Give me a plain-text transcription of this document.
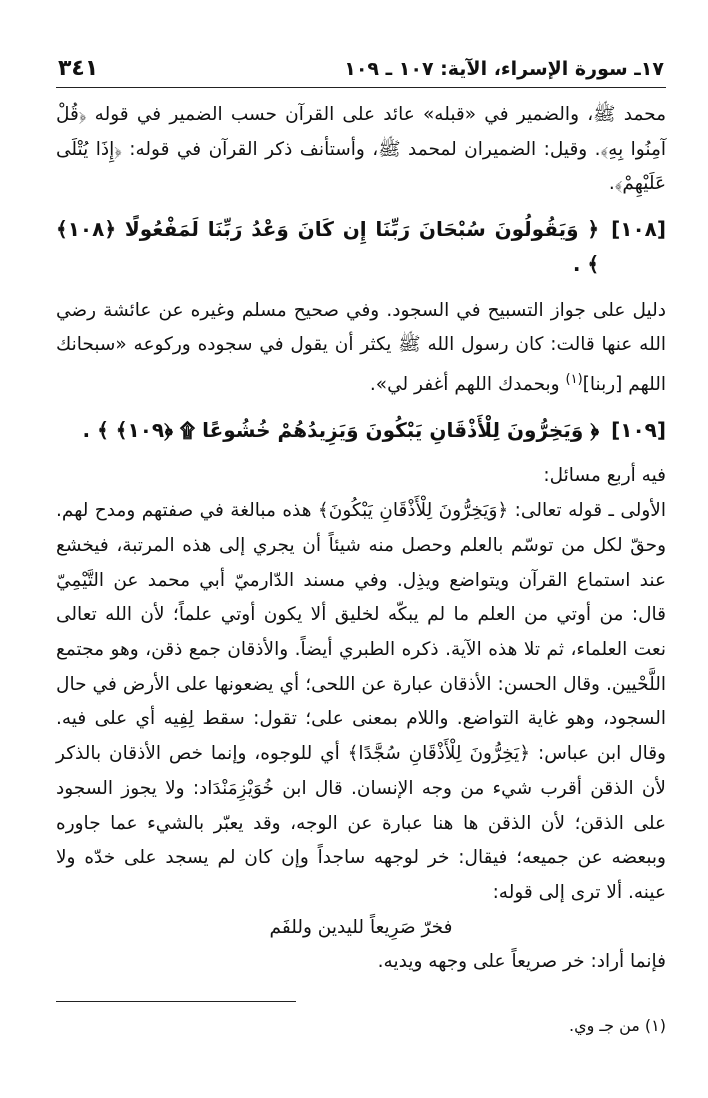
١٧ـ سورة الإسراء، الآية: ١٠٧ ـ ١٠٩
٣٤١

محمد ﷺ، والضمير في «قبله» عائد على القرآن حسب الضمير في قوله ﴿قُلْ آمِنُوا بِهِ﴾. وقيل: الضميران لمحمد ﷺ، وأستأنف ذكر القرآن في قوله: ﴿إِذَا يُتْلَى عَلَيْهِمْ﴾.

[١٠٨]
﴿ وَيَقُولُونَ سُبْحَانَ رَبِّنَا إِن كَانَ وَعْدُ رَبِّنَا لَمَفْعُولًا ﴿١٠٨﴾ ﴾ .

دليل على جواز التسبيح في السجود. وفي صحيح مسلم وغيره عن عائشة رضي الله عنها قالت: كان رسول الله ﷺ يكثر أن يقول في سجوده وركوعه «سبحانك اللهم [ربنا]$^{(١)}$ وبحمدك اللهم أغفر لي».

[١٠٩]
﴿ وَيَخِرُّونَ لِلْأَذْقَانِ يَبْكُونَ وَيَزِيدُهُمْ خُشُوعًا ۩ ﴿١٠٩﴾ ﴾ .

فيه أربع مسائل:

الأولى ـ قوله تعالى: ﴿وَيَخِرُّونَ لِلْأَذْقَانِ يَبْكُونَ﴾ هذه مبالغة في صفتهم ومدح لهم. وحقّ لكل من توسّم بالعلم وحصل منه شيئاً أن يجري إلى هذه المرتبة، فيخشع عند استماع القرآن ويتواضع ويذِل. وفي مسند الدّارميّ أبي محمد عن التَّيْمِيّ قال: من أوتي من العلم ما لم يبكّه لخليق ألا يكون أوتي علماً؛ لأن الله تعالى نعت العلماء، ثم تلا هذه الآية. ذكره الطبري أيضاً. والأذقان جمع ذقن، وهو مجتمع اللَّحْيين. وقال الحسن: الأذقان عبارة عن اللحى؛ أي يضعونها على الأرض في حال السجود، وهو غاية التواضع. واللام بمعنى على؛ تقول: سقط لِفِيه أي على فيه. وقال ابن عباس: ﴿يَخِرُّونَ لِلْأَذْقَانِ سُجَّدًا﴾ أي للوجوه، وإنما خص الأذقان بالذكر لأن الذقن أقرب شيء من وجه الإنسان. قال ابن خُوَيْزِمَنْدَاد: ولا يجوز السجود على الذقن؛ لأن الذقن ها هنا عبارة عن الوجه، وقد يعبّر بالشيء عما جاوره وببعضه عن جميعه؛ فيقال: خر لوجهه ساجداً وإن كان لم يسجد على خدّه ولا عينه. ألا ترى إلى قوله:

فخرّ صَرِيعاً لليدين وللفَم

فإنما أراد: خر صريعاً على وجهه ويديه.

(١) من جـ وي.
